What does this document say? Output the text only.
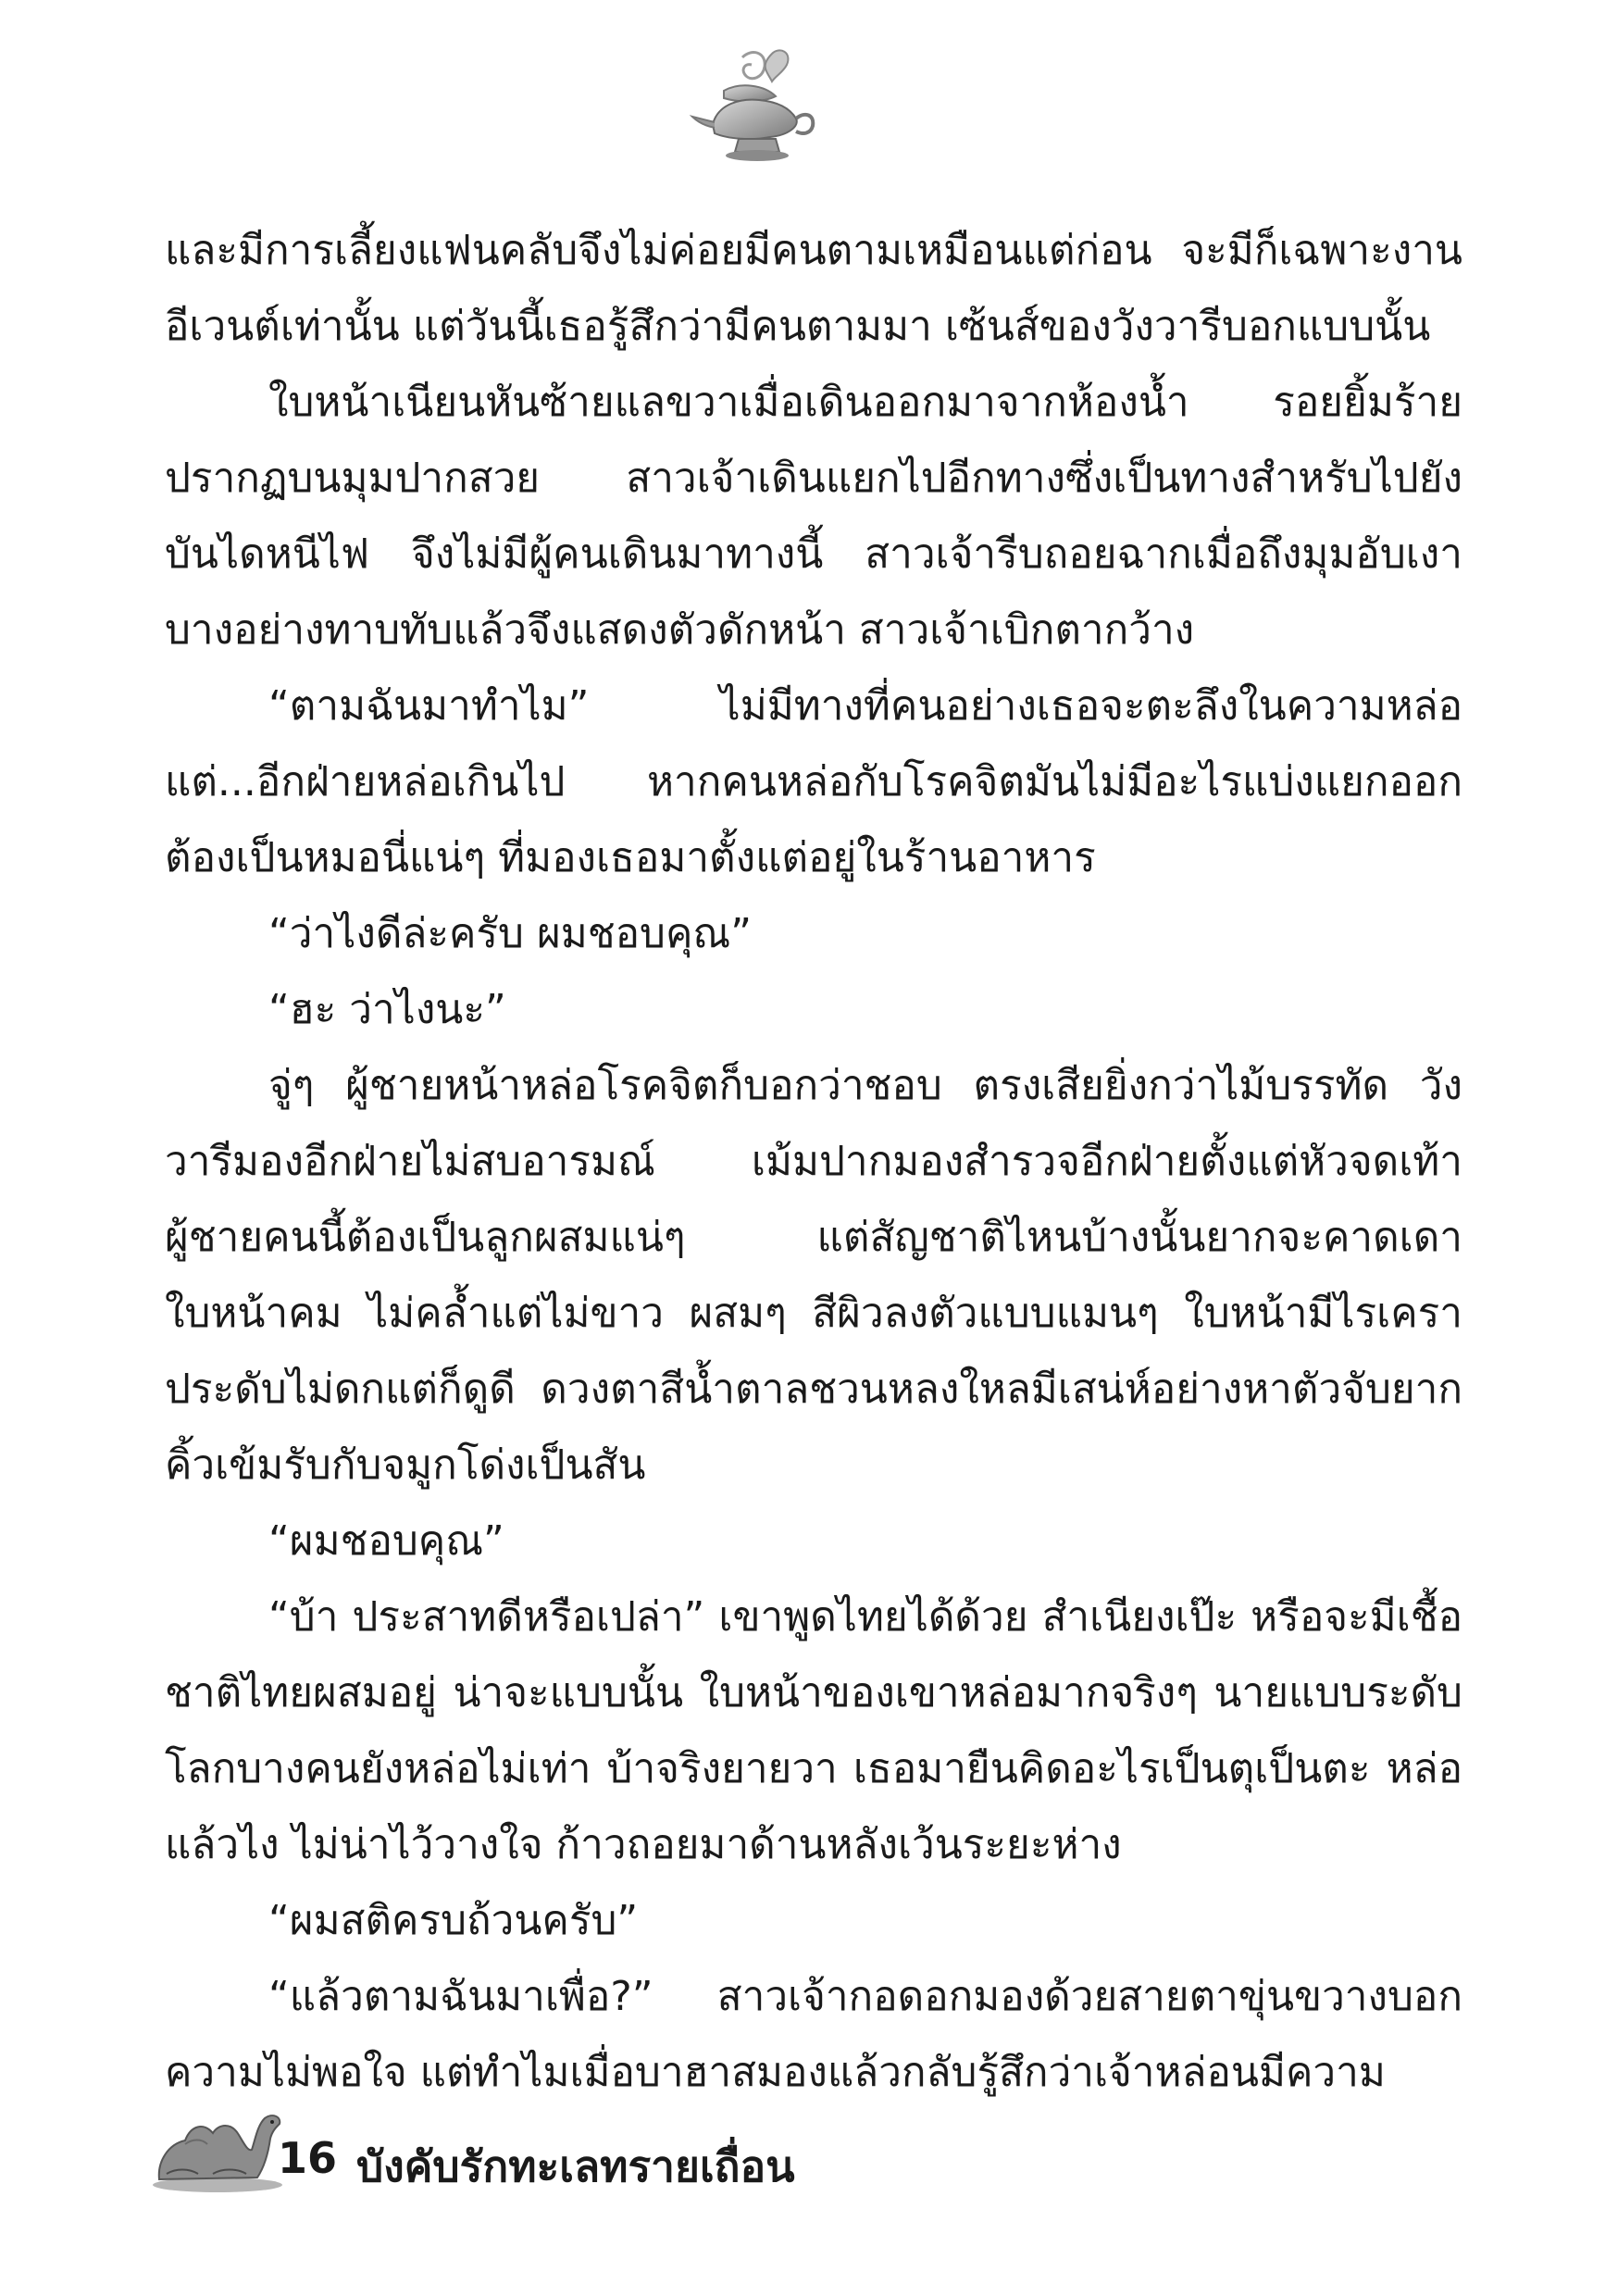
และมีการเลี้ยงแฟนคลับจึงไม่ค่อยมีคนตามเหมือนแต่ก่อน จะมีก็เฉพาะงานอีเวนต์เท่านั้น แต่วันนี้เธอรู้สึกว่ามีคนตามมา เซ้นส์ของวังวารีบอกแบบนั้น

ใบหน้าเนียนหันซ้ายแลขวาเมื่อเดินออกมาจากห้องน้ำ รอยยิ้มร้ายปรากฏบนมุมปากสวย สาวเจ้าเดินแยกไปอีกทางซึ่งเป็นทางสำหรับไปยังบันไดหนีไฟ จึงไม่มีผู้คนเดินมาทางนี้ สาวเจ้ารีบถอยฉากเมื่อถึงมุมอับเงาบางอย่างทาบทับแล้วจึงแสดงตัวดักหน้า สาวเจ้าเบิกตากว้าง

“ตามฉันมาทำไม” ไม่มีทางที่คนอย่างเธอจะตะลึงในความหล่อ แต่...อีกฝ่ายหล่อเกินไป หากคนหล่อกับโรคจิตมันไม่มีอะไรแบ่งแยกออก ต้องเป็นหมอนี่แน่ๆ ที่มองเธอมาตั้งแต่อยู่ในร้านอาหาร

“ว่าไงดีล่ะครับ ผมชอบคุณ”

“ฮะ ว่าไงนะ”

จู่ๆ ผู้ชายหน้าหล่อโรคจิตก็บอกว่าชอบ ตรงเสียยิ่งกว่าไม้บรรทัด วังวารีมองอีกฝ่ายไม่สบอารมณ์ เม้มปากมองสำรวจอีกฝ่ายตั้งแต่หัวจดเท้า ผู้ชายคนนี้ต้องเป็นลูกผสมแน่ๆ แต่สัญชาติไหนบ้างนั้นยากจะคาดเดา ใบหน้าคม ไม่คล้ำแต่ไม่ขาว ผสมๆ สีผิวลงตัวแบบแมนๆ ใบหน้ามีไรเครา ประดับไม่ดกแต่ก็ดูดี ดวงตาสีน้ำตาลชวนหลงใหลมีเสน่ห์อย่างหาตัวจับยาก คิ้วเข้มรับกับจมูกโด่งเป็นสัน

“ผมชอบคุณ”

“บ้า ประสาทดีหรือเปล่า” เขาพูดไทยได้ด้วย สำเนียงเป๊ะ หรือจะมีเชื้อชาติไทยผสมอยู่ น่าจะแบบนั้น ใบหน้าของเขาหล่อมากจริงๆ นายแบบระดับโลกบางคนยังหล่อไม่เท่า บ้าจริงยายวา เธอมายืนคิดอะไรเป็นตุเป็นตะ หล่อแล้วไง ไม่น่าไว้วางใจ ก้าวถอยมาด้านหลังเว้นระยะห่าง

“ผมสติครบถ้วนครับ”

“แล้วตามฉันมาเพื่อ?” สาวเจ้ากอดอกมองด้วยสายตาขุ่นขวางบอกความไม่พอใจ แต่ทำไมเมื่อบาฮาสมองแล้วกลับรู้สึกว่าเจ้าหล่อนมีความ

16 บังคับรักทะเลทรายเถื่อน
